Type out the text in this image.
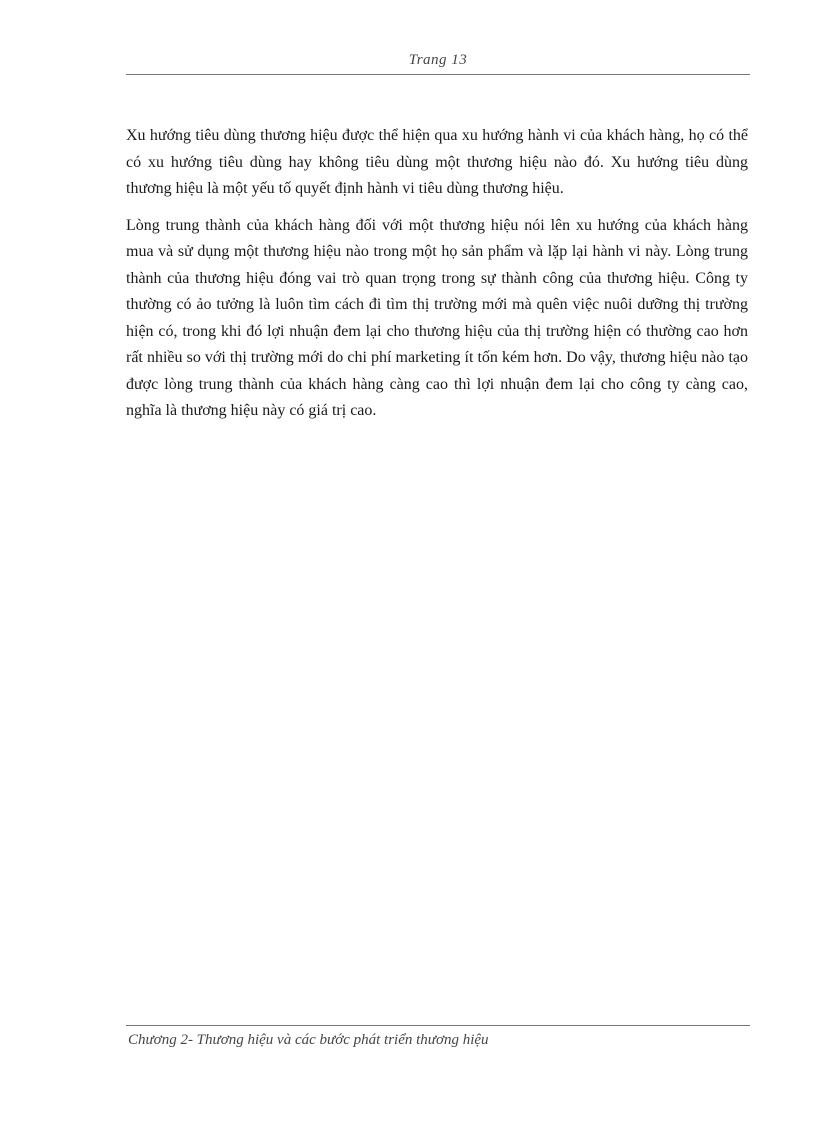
Trang 13

Xu hướng tiêu dùng thương hiệu được thể hiện qua xu hướng hành vi của khách hàng, họ có thể có xu hướng tiêu dùng hay không tiêu dùng một thương hiệu nào đó. Xu hướng tiêu dùng thương hiệu là một yếu tố quyết định hành vi tiêu dùng thương hiệu.

Lòng trung thành của khách hàng đối với một thương hiệu nói lên xu hướng của khách hàng mua và sử dụng một thương hiệu nào trong một họ sản phẩm và lặp lại hành vi này. Lòng trung thành của thương hiệu đóng vai trò quan trọng trong sự thành công của thương hiệu. Công ty thường có ảo tưởng là luôn tìm cách đi tìm thị trường mới mà quên việc nuôi dưỡng thị trường hiện có, trong khi đó lợi nhuận đem lại cho thương hiệu của thị trường hiện có thường cao hơn rất nhiều so với thị trường mới do chi phí marketing ít tốn kém hơn. Do vậy, thương hiệu nào tạo được lòng trung thành của khách hàng càng cao thì lợi nhuận đem lại cho công ty càng cao, nghĩa là thương hiệu này có giá trị cao.

Chương 2- Thương hiệu và các bước phát triển thương hiệu
